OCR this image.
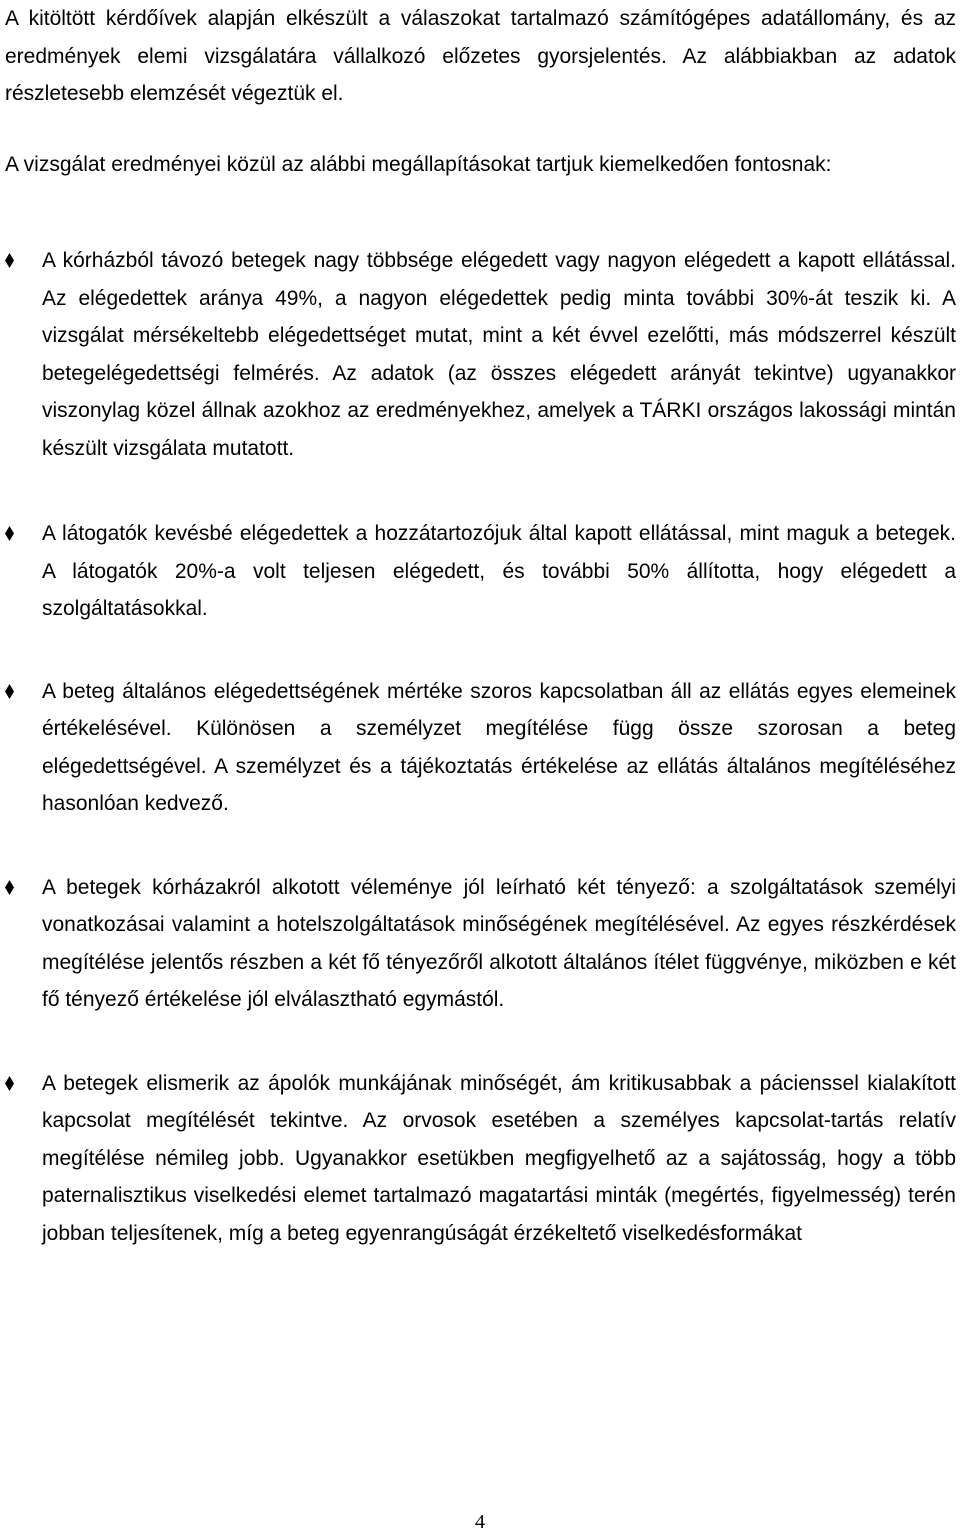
A kitöltött kérdőívek alapján elkészült a válaszokat tartalmazó számítógépes adatállomány, és az eredmények elemi vizsgálatára vállalkozó előzetes gyorsjelentés. Az alábbiakban az adatok részletesebb elemzését végeztük el.

A vizsgálat eredményei közül az alábbi megállapításokat tartjuk kiemelkedően fontosnak:

A kórházból távozó betegek nagy többsége elégedett vagy nagyon elégedett a kapott ellátással. Az elégedettek aránya 49%, a nagyon elégedettek pedig minta további 30%-át teszik ki. A vizsgálat mérsékeltebb elégedettséget mutat, mint a két évvel ezelőtti, más módszerrel készült betegelégedettségi felmérés. Az adatok (az összes elégedett arányát tekintve) ugyanakkor viszonylag közel állnak azokhoz az eredményekhez, amelyek a TÁRKI országos lakossági mintán készült vizsgálata mutatott.
A látogatók kevésbé elégedettek a hozzátartozójuk által kapott ellátással, mint maguk a betegek. A látogatók 20%-a volt teljesen elégedett, és további 50% állította, hogy elégedett a szolgáltatásokkal.
A beteg általános elégedettségének mértéke szoros kapcsolatban áll az ellátás egyes elemeinek értékelésével. Különösen a személyzet megítélése függ össze szorosan a beteg elégedettségével. A személyzet és a tájékoztatás értékelése az ellátás általános megítéléséhez hasonlóan kedvező.
A betegek kórházakról alkotott véleménye jól leírható két tényező: a szolgáltatások személyi vonatkozásai valamint a hotelszolgáltatások minőségének megítélésével. Az egyes részkérdések megítélése jelentős részben a két fő tényezőről alkotott általános ítélet függvénye, miközben e két fő tényező értékelése jól elválasztható egymástól.
A betegek elismerik az ápolók munkájának minőségét, ám kritikusabbak a pácienssel kialakított kapcsolat megítélését tekintve. Az orvosok esetében a személyes kapcsolat-tartás relatív megítélése némileg jobb. Ugyanakkor esetükben megfigyelhető az a sajátosság, hogy a több paternalisztikus viselkedési elemet tartalmazó magatartási minták (megértés, figyelmesség) terén jobban teljesítenek, míg a beteg egyenrangúságát érzékeltető viselkedésformákat
4
